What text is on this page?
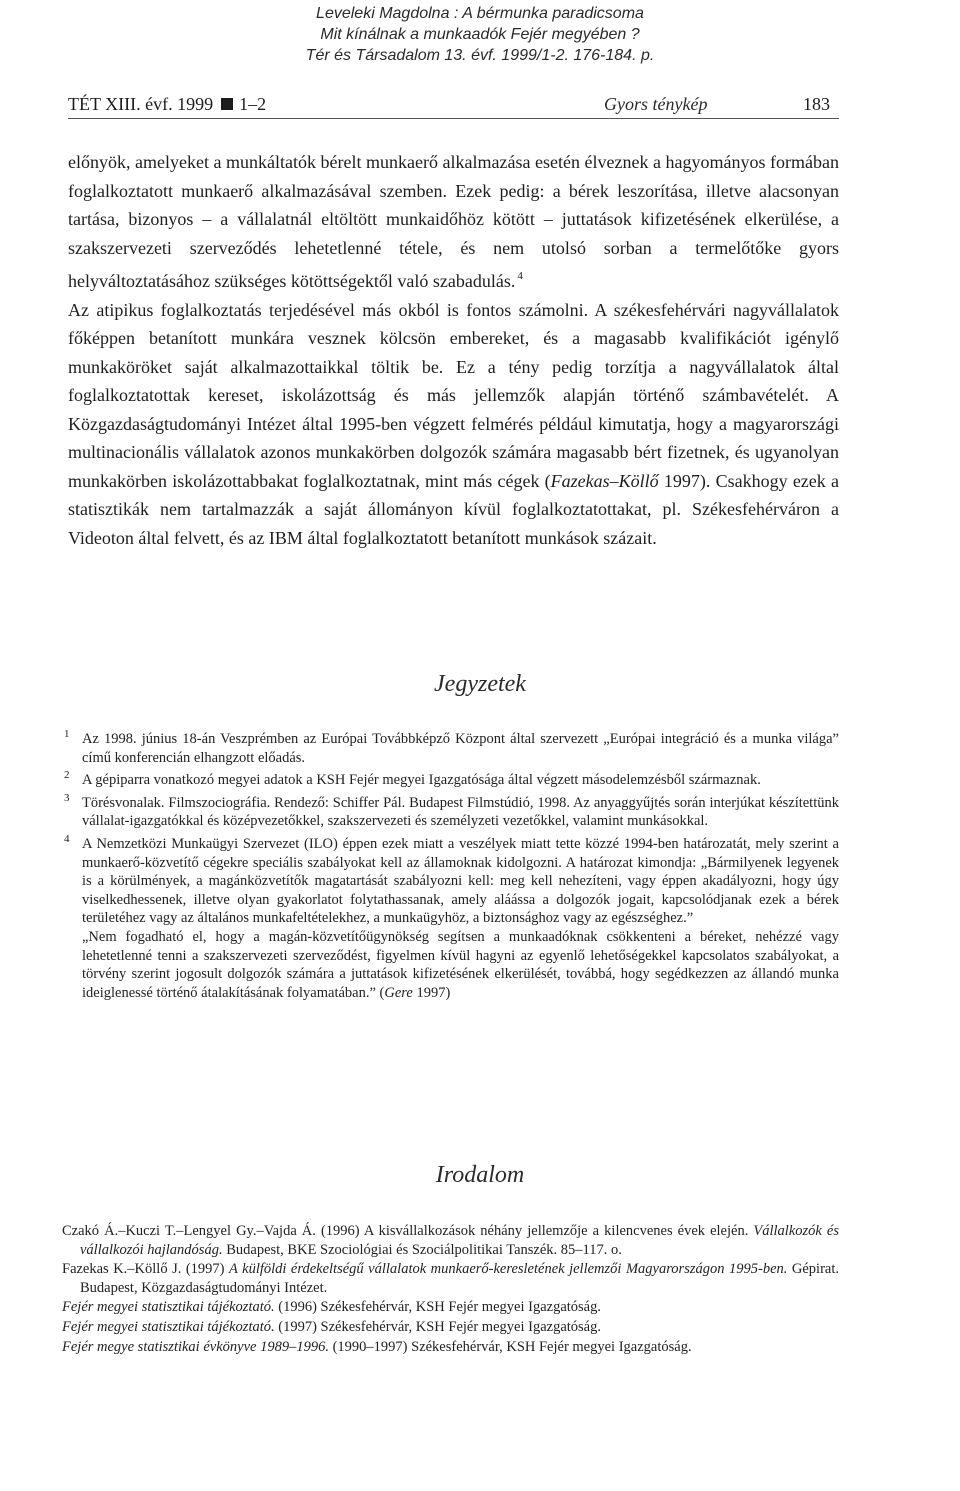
Leveleki Magdolna : A bérmunka paradicsoma
Mit kínálnak a munkaadók Fejér megyében ?
Tér és Társadalom 13. évf. 1999/1-2. 176-184. p.
TÉT XIII. évf. 1999 1–2	Gyors ténykép	183

előnyök, amelyeket a munkáltatók bérelt munkaerő alkalmazása esetén élveznek a hagyományos formában foglalkoztatott munkaerő alkalmazásával szemben. Ezek pedig: a bérek leszorítása, illetve alacsonyan tartása, bizonyos – a vállalatnál eltöltött munkaidőhöz kötött – juttatások kifizetésének elkerülése, a szakszervezeti szerveződés lehetetlenné tétele, és nem utolsó sorban a termelőtőke gyors helyváltoztatásához szükséges kötöttségektől való szabadulás. $^4$

Az atipikus foglalkoztatás terjedésével más okból is fontos számolni. A székesfehérvári nagyvállalatok főképpen betanított munkára vesznek kölcsön embereket, és a magasabb kvalifikációt igénylő munkaköröket saját alkalmazottaikkal töltik be. Ez a tény pedig torzítja a nagyvállalatok által foglalkoztatottak kereset, iskolázottság és más jellemzők alapján történő számbavételét. A Közgazdaságtudományi Intézet által 1995-ben végzett felmérés például kimutatja, hogy a magyarországi multinacionális vállalatok azonos munkakörben dolgozók számára magasabb bért fizetnek, és ugyanolyan munkakörben iskolázottabbakat foglalkoztatnak, mint más cégek (Fazekas–Köllő 1997). Csakhogy ezek a statisztikák nem tartalmazzák a saját állományon kívül foglalkoztatottakat, pl. Székesfehérváron a Videoton által felvett, és az IBM által foglalkoztatott betanított munkások százait.

Jegyzetek
1 Az 1998. június 18-án Veszprémben az Európai Továbbképző Központ által szervezett „Európai integráció és a munka világa” című konferencián elhangzott előadás.

2 A gépiparra vonatkozó megyei adatok a KSH Fejér megyei Igazgatósága által végzett másodelemzésből származnak.

3 Törésvonalak. Filmszociográfia. Rendező: Schiffer Pál. Budapest Filmstúdió, 1998. Az anyaggyűjtés során interjúkat készítettünk vállalat-igazgatókkal és középvezetőkkel, szakszervezeti és személyzeti vezetőkkel, valamint munkásokkal.

4 A Nemzetközi Munkaügyi Szervezet (ILO) éppen ezek miatt a veszélyek miatt tette közzé 1994-ben határozatát, mely szerint a munkaerő-közvetítő cégekre speciális szabályokat kell az államoknak kidolgozni. A határozat kimondja: „Bármilyenek legyenek is a körülmények, a magánközvetítők magatartását szabályozni kell: meg kell nehezíteni, vagy éppen akadályozni, hogy úgy viselkedhessenek, illetve olyan gyakorlatot folytathassanak, amely aláássa a dolgozók jogait, kapcsolódjanak ezek a bérek területéhez vagy az általános munkafeltételekhez, a munkaügyhöz, a biztonsághoz vagy az egészséghez.”

„Nem fogadható el, hogy a magán-közvetítőügynökség segítsen a munkaadóknak csökkenteni a béreket, nehézzé vagy lehetetlenné tenni a szakszervezeti szerveződést, figyelmen kívül hagyni az egyenlő lehetőségekkel kapcsolatos szabályokat, a törvény szerint jogosult dolgozók számára a juttatások kifizetésének elkerülését, továbbá, hogy segédkezzen az állandó munka ideiglenessé történő átalakításának folyamatában.” (Gere 1997)

Irodalom

Czakó Á.–Kuczi T.–Lengyel Gy.–Vajda Á. (1996) A kisvállalkozások néhány jellemzője a kilencvenes évek elején. Vállalkozók és vállalkozói hajlandóság. Budapest, BKE Szociológiai és Szociálpolitikai Tanszék. 85–117. o.

Fazekas K.–Köllő J. (1997) A külföldi érdekeltségű vállalatok munkaerő-keresletének jellemzői Magyarországon 1995-ben. Gépirat. Budapest, Közgazdaságtudományi Intézet.

Fejér megyei statisztikai tájékoztató. (1996) Székesfehérvár, KSH Fejér megyei Igazgatóság.

Fejér megyei statisztikai tájékoztató. (1997) Székesfehérvár, KSH Fejér megyei Igazgatóság.

Fejér megye statisztikai évkönyve 1989–1996. (1990–1997) Székesfehérvár, KSH Fejér megyei Igazgatóság.
